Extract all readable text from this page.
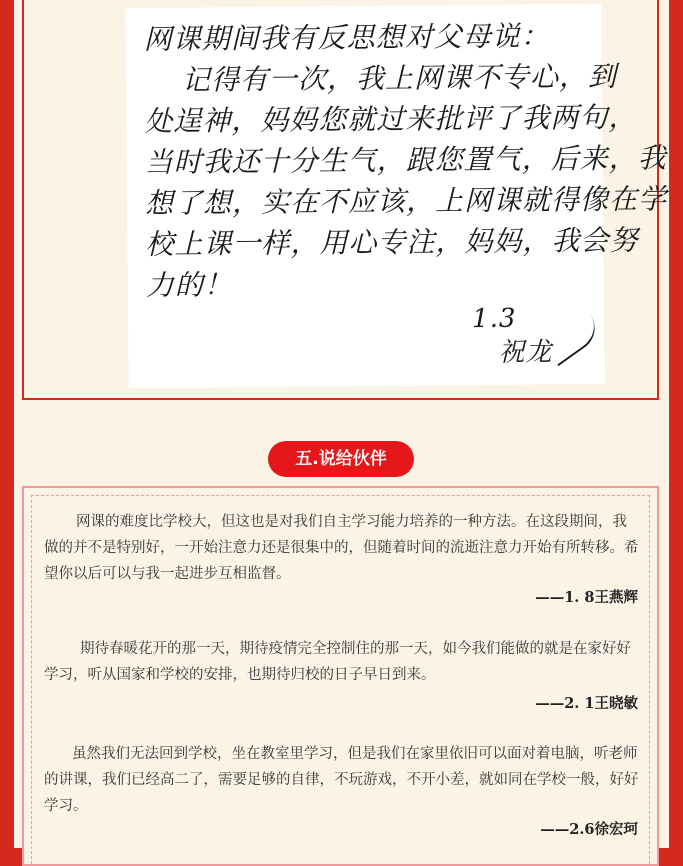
网课期间我有反思想对父母说：
记得有一次，我上网课不专心，到
处逞神，妈妈您就过来批评了我两句，
当时我还十分生气，跟您置气，后来，我
想了想，实在不应该，上网课就得像在学
校上课一样，用心专注，妈妈，我会努
力的！
1.3
祝龙
五.说给伙伴
网课的难度比学校大，但这也是对我们自主学习能力培养的一种方法。在这段期间，我做的并不是特别好，一开始注意力还是很集中的，但随着时间的流逝注意力开始有所转移。希望你以后可以与我一起进步互相监督。
——1. 8王燕辉
期待春暖花开的那一天，期待疫情完全控制住的那一天，如今我们能做的就是在家好好学习，听从国家和学校的安排，也期待归校的日子早日到来。
——2. 1王晓敏
虽然我们无法回到学校，坐在教室里学习，但是我们在家里依旧可以面对着电脑，听老师的讲课，我们已经高二了，需要足够的自律，不玩游戏，不开小差，就如同在学校一般，好好学习。
——2.6徐宏珂
